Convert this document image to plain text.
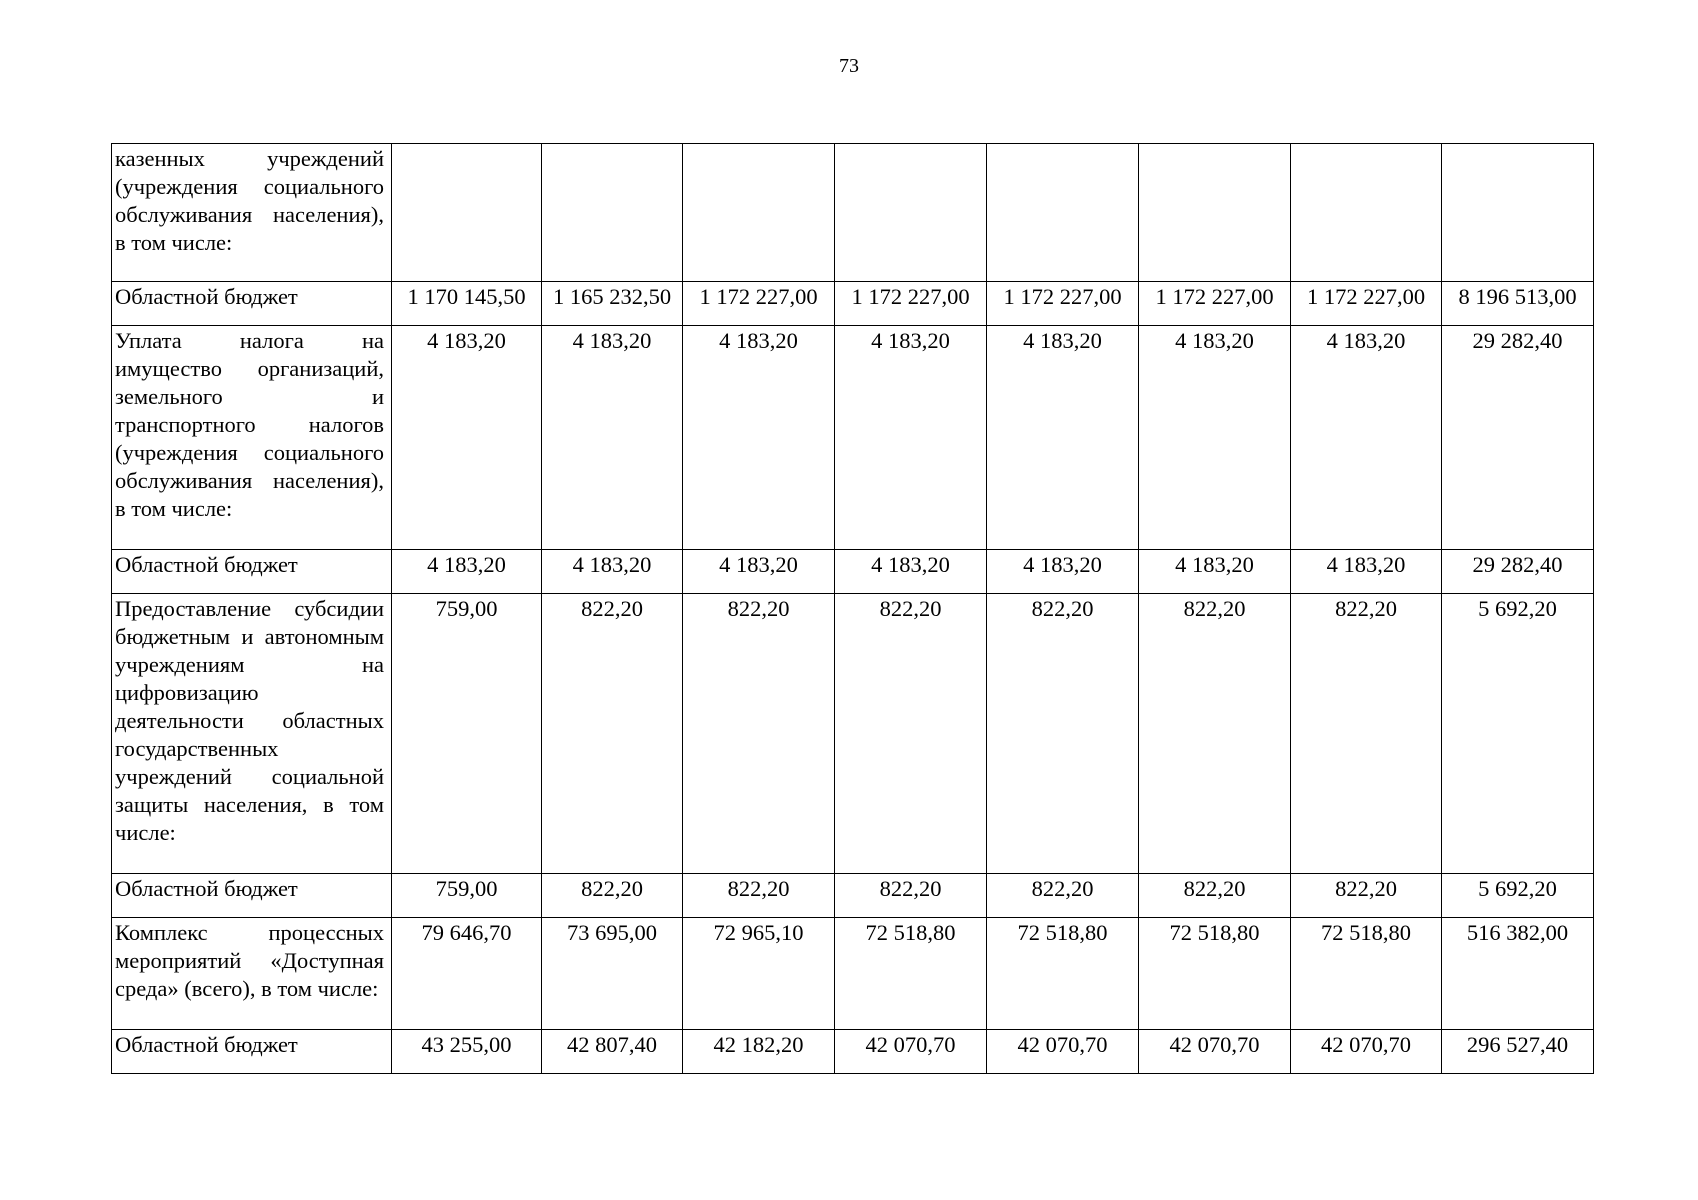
73
казенных учреждений (учреждения социального обслуживания населения), в том числе:								
Областной бюджет	1 170 145,50	1 165 232,50	1 172 227,00	1 172 227,00	1 172 227,00	1 172 227,00	1 172 227,00	8 196 513,00
Уплата налога на имущество организаций, земельного и транспортного налогов (учреждения социального обслуживания населения), в том числе:	4 183,20	4 183,20	4 183,20	4 183,20	4 183,20	4 183,20	4 183,20	29 282,40
Областной бюджет	4 183,20	4 183,20	4 183,20	4 183,20	4 183,20	4 183,20	4 183,20	29 282,40
Предоставление субсидии бюджетным и автономным учреждениям на цифровизацию деятельности областных государственных учреждений социальной защиты населения, в том числе:	759,00	822,20	822,20	822,20	822,20	822,20	822,20	5 692,20
Областной бюджет	759,00	822,20	822,20	822,20	822,20	822,20	822,20	5 692,20
Комплекс процессных мероприятий «Доступная среда» (всего), в том числе:	79 646,70	73 695,00	72 965,10	72 518,80	72 518,80	72 518,80	72 518,80	516 382,00
Областной бюджет	43 255,00	42 807,40	42 182,20	42 070,70	42 070,70	42 070,70	42 070,70	296 527,40
